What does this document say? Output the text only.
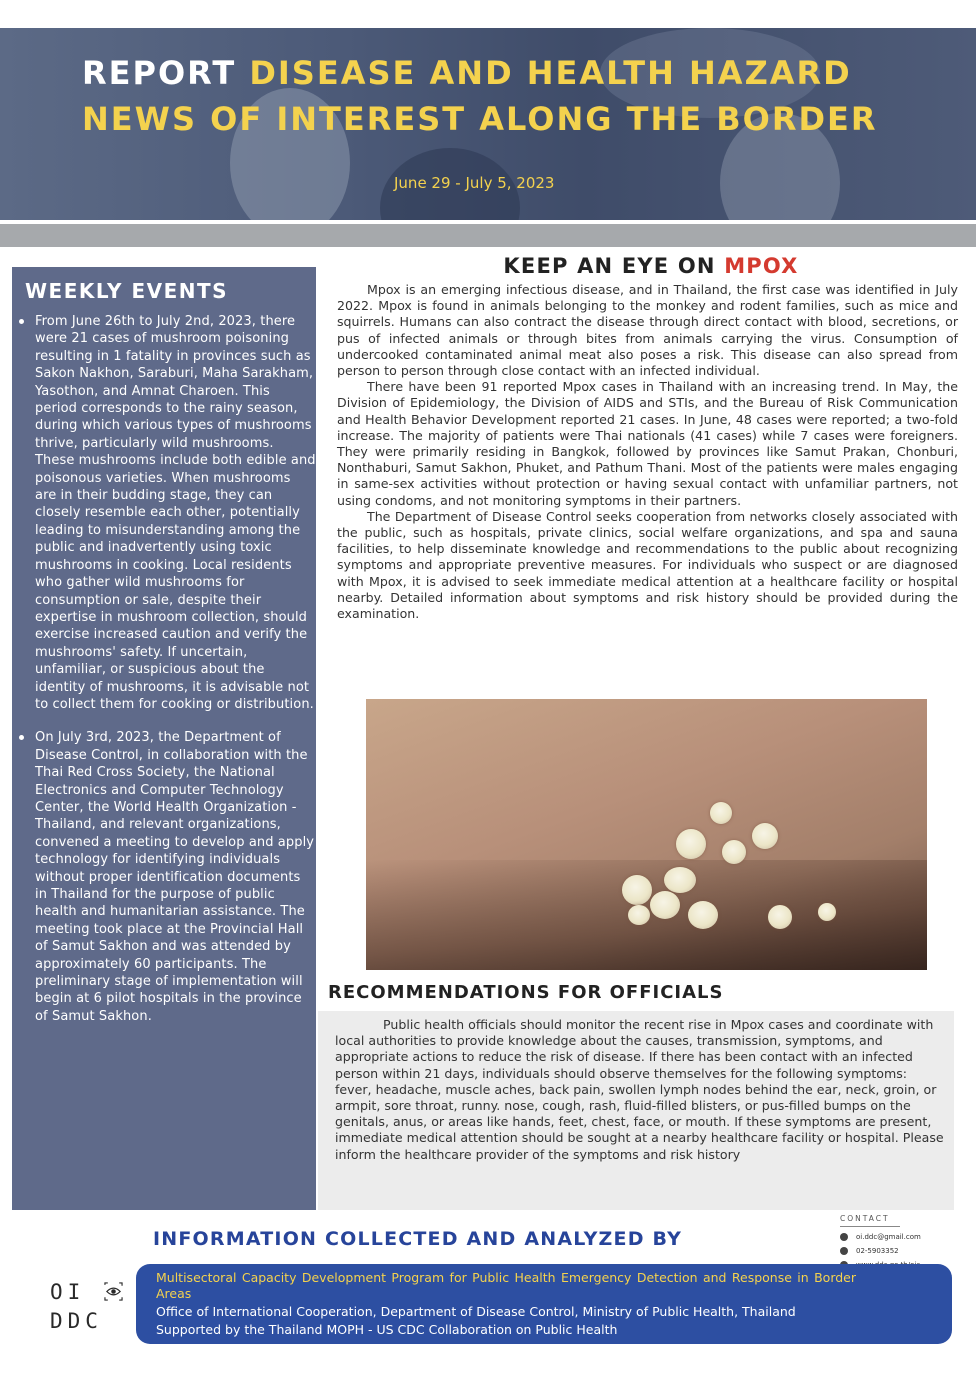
REPORT DISEASE AND HEALTH HAZARD
NEWS OF INTEREST ALONG THE BORDER
June 29 - July 5, 2023
WEEKLY EVENTS
From June 26th to July 2nd, 2023, there were 21 cases of mushroom poisoning resulting in 1 fatality in provinces such as Sakon Nakhon, Saraburi, Maha Sarakham, Yasothon, and Amnat Charoen. This period corresponds to the rainy season, during which various types of mushrooms thrive, particularly wild mushrooms. These mushrooms include both edible and poisonous varieties. When mushrooms are in their budding stage, they can closely resemble each other, potentially leading to misunderstanding among the public and inadvertently using toxic mushrooms in cooking. Local residents who gather wild mushrooms for consumption or sale, despite their expertise in mushroom collection, should exercise increased caution and verify the mushrooms' safety. If uncertain, unfamiliar, or suspicious about the identity of mushrooms, it is advisable not to collect them for cooking or distribution.
On July 3rd, 2023, the Department of Disease Control, in collaboration with the Thai Red Cross Society, the National Electronics and Computer Technology Center, the World Health Organization - Thailand, and relevant organizations, convened a meeting to develop and apply technology for identifying individuals without proper identification documents in Thailand for the purpose of public health and humanitarian assistance. The meeting took place at the Provincial Hall of Samut Sakhon and was attended by approximately 60 participants. The preliminary stage of implementation will begin at 6 pilot hospitals in the province of Samut Sakhon.
KEEP AN EYE ON MPOX

Mpox is an emerging infectious disease, and in Thailand, the first case was identified in July 2022. Mpox is found in animals belonging to the monkey and rodent families, such as mice and squirrels. Humans can also contract the disease through direct contact with blood, secretions, or pus of infected animals or through bites from animals carrying the virus. Consumption of undercooked contaminated animal meat also poses a risk. This disease can also spread from person to person through close contact with an infected individual.

There have been 91 reported Mpox cases in Thailand with an increasing trend. In May, the Division of Epidemiology, the Division of AIDS and STIs, and the Bureau of Risk Communication and Health Behavior Development reported 21 cases. In June, 48 cases were reported; a two-fold increase. The majority of patients were Thai nationals (41 cases) while 7 cases were foreigners. They were primarily residing in Bangkok, followed by provinces like Samut Prakan, Chonburi, Nonthaburi, Samut Sakhon, Phuket, and Pathum Thani. Most of the patients were males engaging in same-sex activities without protection or having sexual contact with unfamiliar partners, not using condoms, and not monitoring symptoms in their partners.

The Department of Disease Control seeks cooperation from networks closely associated with the public, such as hospitals, private clinics, social welfare organizations, and spa and sauna facilities, to help disseminate knowledge and recommendations to the public about recognizing symptoms and appropriate preventive measures. For individuals who suspect or are diagnosed with Mpox, it is advised to seek immediate medical attention at a healthcare facility or hospital nearby. Detailed information about symptoms and risk history should be provided during the examination.

RECOMMENDATIONS FOR OFFICIALS

Public health officials should monitor the recent rise in Mpox cases and coordinate with local authorities to provide knowledge about the causes, transmission, symptoms, and appropriate actions to reduce the risk of disease. If there has been contact with an infected person within 21 days, individuals should observe themselves for the following symptoms: fever, headache, muscle aches, back pain, swollen lymph nodes behind the ear, neck, groin, or armpit, sore throat, runny. nose, cough, rash, fluid-filled blisters, or pus-filled bumps on the genitals, anus, or areas like hands, feet, chest, face, or mouth. If these symptoms are present, immediate medical attention should be sought at a nearby healthcare facility or hospital. Please inform the healthcare provider of the symptoms and risk history

INFORMATION COLLECTED AND ANALYZED BY
OI
DDC
CONTACT
oi.ddc@gmail.com
02-5903352
Multisectoral Capacity Development Program for Public Health Emergency Detection and Response in Border Areas
Office of International Cooperation, Department of Disease Control, Ministry of Public Health, Thailand
Supported by the Thailand MOPH - US CDC Collaboration on Public Health
